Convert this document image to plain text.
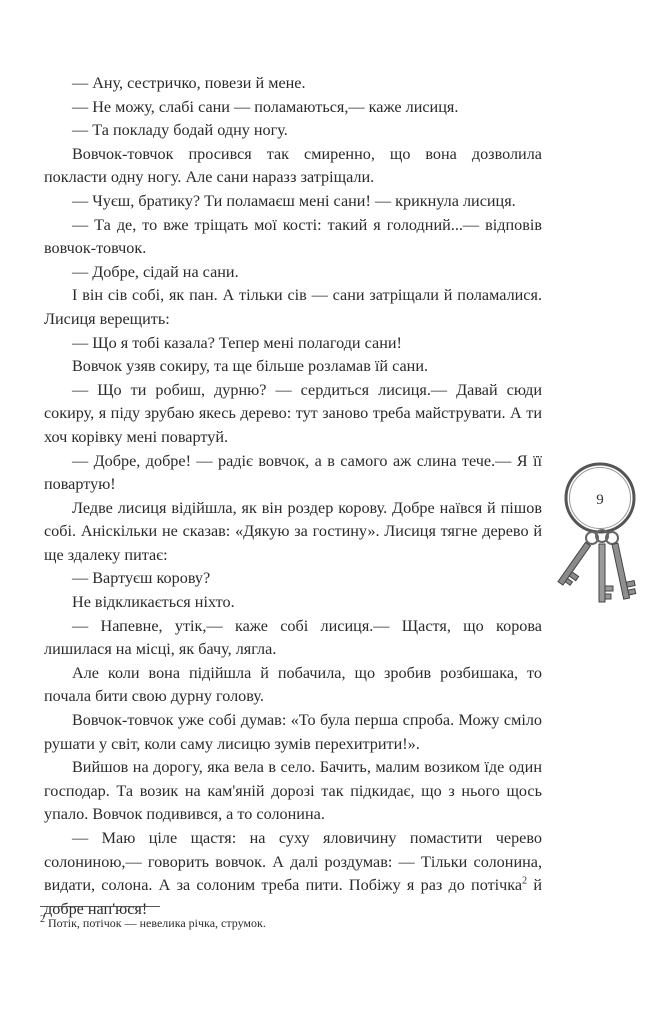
— Ану, сестричко, повези й мене.

— Не можу, слабі сани — поламаються,— каже лисиця.

— Та покладу бодай одну ногу.

Вовчок-товчок просився так смиренно, що вона дозволила покласти одну ногу. Але сани наразз затріщали.

— Чуєш, братику? Ти поламаєш мені сани! — крикнула лисиця.

— Та де, то вже тріщать мої кості: такий я голодний...— відповів вовчок-товчок.

— Добре, сідай на сани.

І він сів собі, як пан. А тільки сів — сани затріщали й поламалися. Лисиця верещить:

— Що я тобі казала? Тепер мені полагоди сани!

Вовчок узяв сокиру, та ще більше розламав їй сани.

— Що ти робиш, дурню? — сердиться лисиця.— Давай сюди сокиру, я піду зрубаю якесь дерево: тут заново треба майструвати. А ти хоч корівку мені повартуй.

— Добре, добре! — радіє вовчок, а в самого аж слина тече.— Я її повартую!

Ледве лисиця відійшла, як він роздер корову. Добре наївся й пішов собі. Аніскільки не сказав: «Дякую за гостину». Лисиця тягне дерево й ще здалеку питає:

— Вартуєш корову?

Не відкликається ніхто.

— Напевне, утік,— каже собі лисиця.— Щастя, що корова лишилася на місці, як бачу, лягла.

Але коли вона підійшла й побачила, що зробив розбишака, то почала бити свою дурну голову.

Вовчок-товчок уже собі думав: «То була перша спроба. Можу сміло рушати у світ, коли саму лисицю зумів перехитрити!».

Вийшов на дорогу, яка вела в село. Бачить, малим возиком їде один господар. Та возик на кам'яній дорозі так підкидає, що з нього щось упало. Вовчок подивився, а то солонина.

— Маю ціле щастя: на суху яловичину помастити черево солониною,— говорить вовчок. А далі роздумав: — Тільки солонина, видати, солона. А за солоним треба пити. Побіжу я раз до потічка$^2$ й добре нап'юся!

$^2$ Потік, потічок — невелика річка, струмок.
9
